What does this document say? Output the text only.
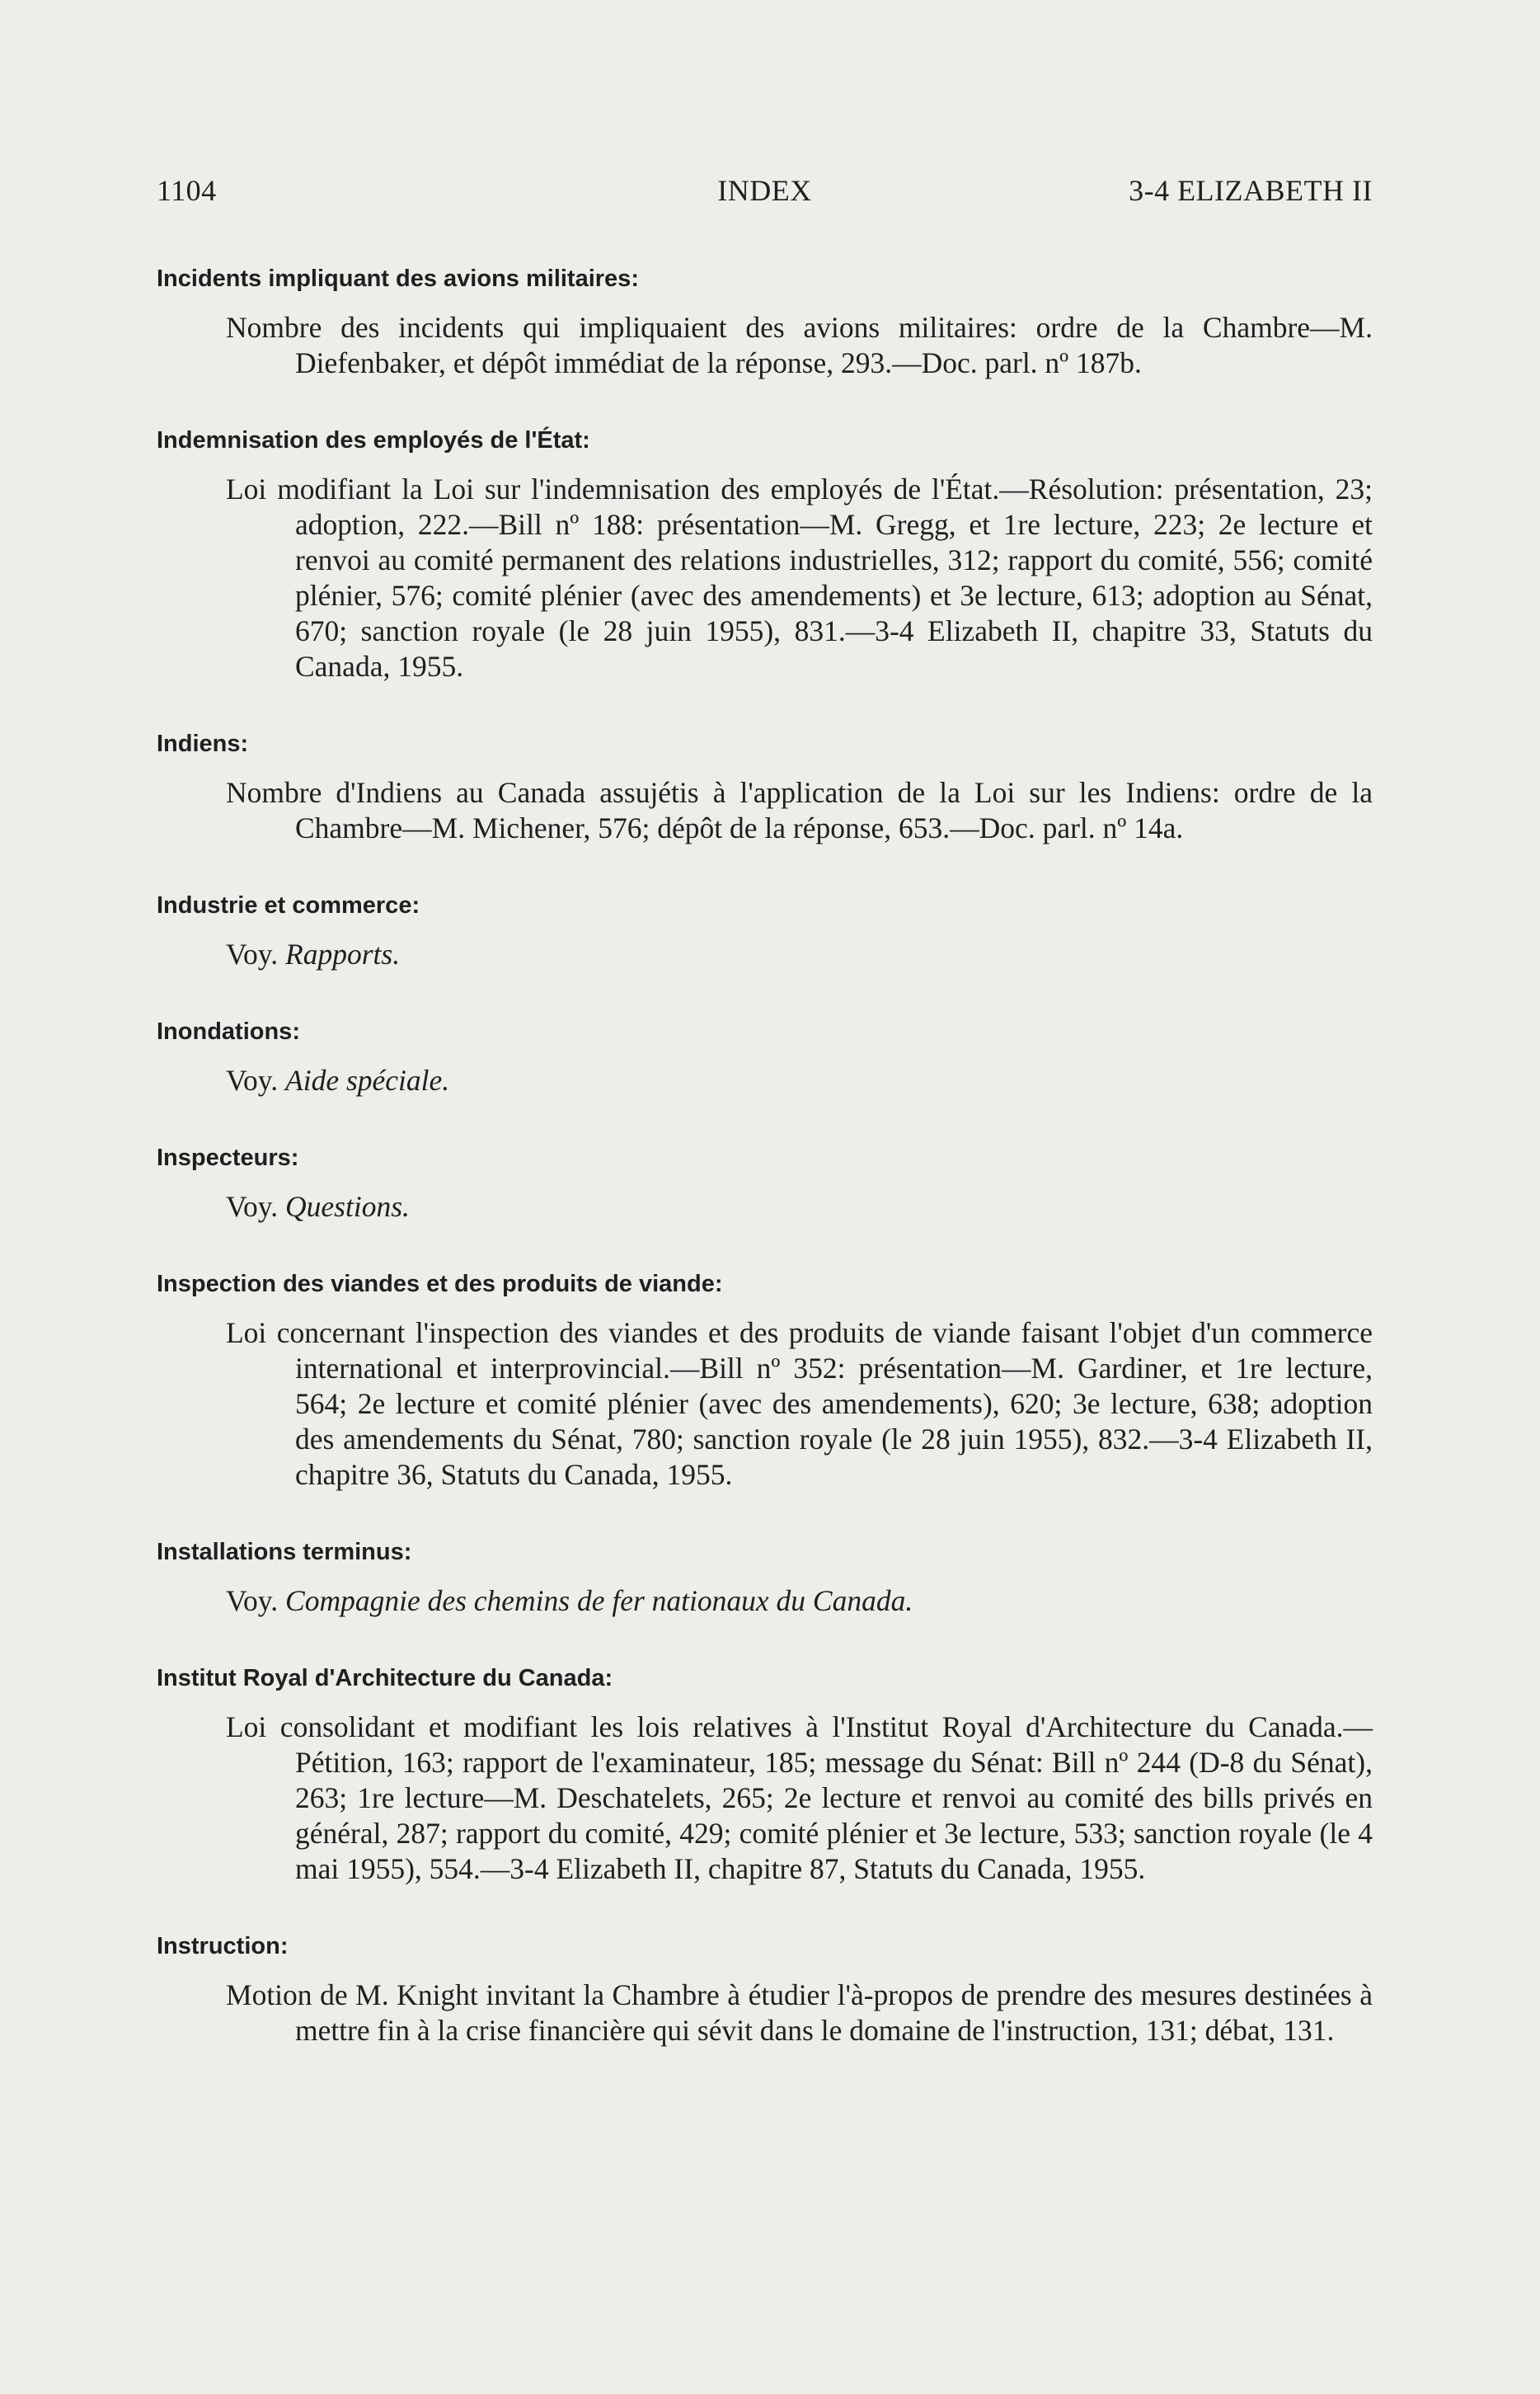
1104	INDEX	3-4 ELIZABETH II
Incidents impliquant des avions militaires:
Nombre des incidents qui impliquaient des avions militaires: ordre de la Chambre—M. Diefenbaker, et dépôt immédiat de la réponse, 293.—Doc. parl. nº 187b.
Indemnisation des employés de l'État:
Loi modifiant la Loi sur l'indemnisation des employés de l'État.—Résolution: présentation, 23; adoption, 222.—Bill nº 188: présentation—M. Gregg, et 1re lecture, 223; 2e lecture et renvoi au comité permanent des relations industrielles, 312; rapport du comité, 556; comité plénier, 576; comité plénier (avec des amendements) et 3e lecture, 613; adoption au Sénat, 670; sanction royale (le 28 juin 1955), 831.—3-4 Elizabeth II, chapitre 33, Statuts du Canada, 1955.
Indiens:
Nombre d'Indiens au Canada assujétis à l'application de la Loi sur les Indiens: ordre de la Chambre—M. Michener, 576; dépôt de la réponse, 653.—Doc. parl. nº 14a.
Industrie et commerce:
Voy. Rapports.
Inondations:
Voy. Aide spéciale.
Inspecteurs:
Voy. Questions.
Inspection des viandes et des produits de viande:
Loi concernant l'inspection des viandes et des produits de viande faisant l'objet d'un commerce international et interprovincial.—Bill nº 352: présentation—M. Gardiner, et 1re lecture, 564; 2e lecture et comité plénier (avec des amendements), 620; 3e lecture, 638; adoption des amendements du Sénat, 780; sanction royale (le 28 juin 1955), 832.—3-4 Elizabeth II, chapitre 36, Statuts du Canada, 1955.
Installations terminus:
Voy. Compagnie des chemins de fer nationaux du Canada.
Institut Royal d'Architecture du Canada:
Loi consolidant et modifiant les lois relatives à l'Institut Royal d'Architecture du Canada.—Pétition, 163; rapport de l'examinateur, 185; message du Sénat: Bill nº 244 (D-8 du Sénat), 263; 1re lecture—M. Deschatelets, 265; 2e lecture et renvoi au comité des bills privés en général, 287; rapport du comité, 429; comité plénier et 3e lecture, 533; sanction royale (le 4 mai 1955), 554.—3-4 Elizabeth II, chapitre 87, Statuts du Canada, 1955.
Instruction:
Motion de M. Knight invitant la Chambre à étudier l'à-propos de prendre des mesures destinées à mettre fin à la crise financière qui sévit dans le domaine de l'instruction, 131; débat, 131.
